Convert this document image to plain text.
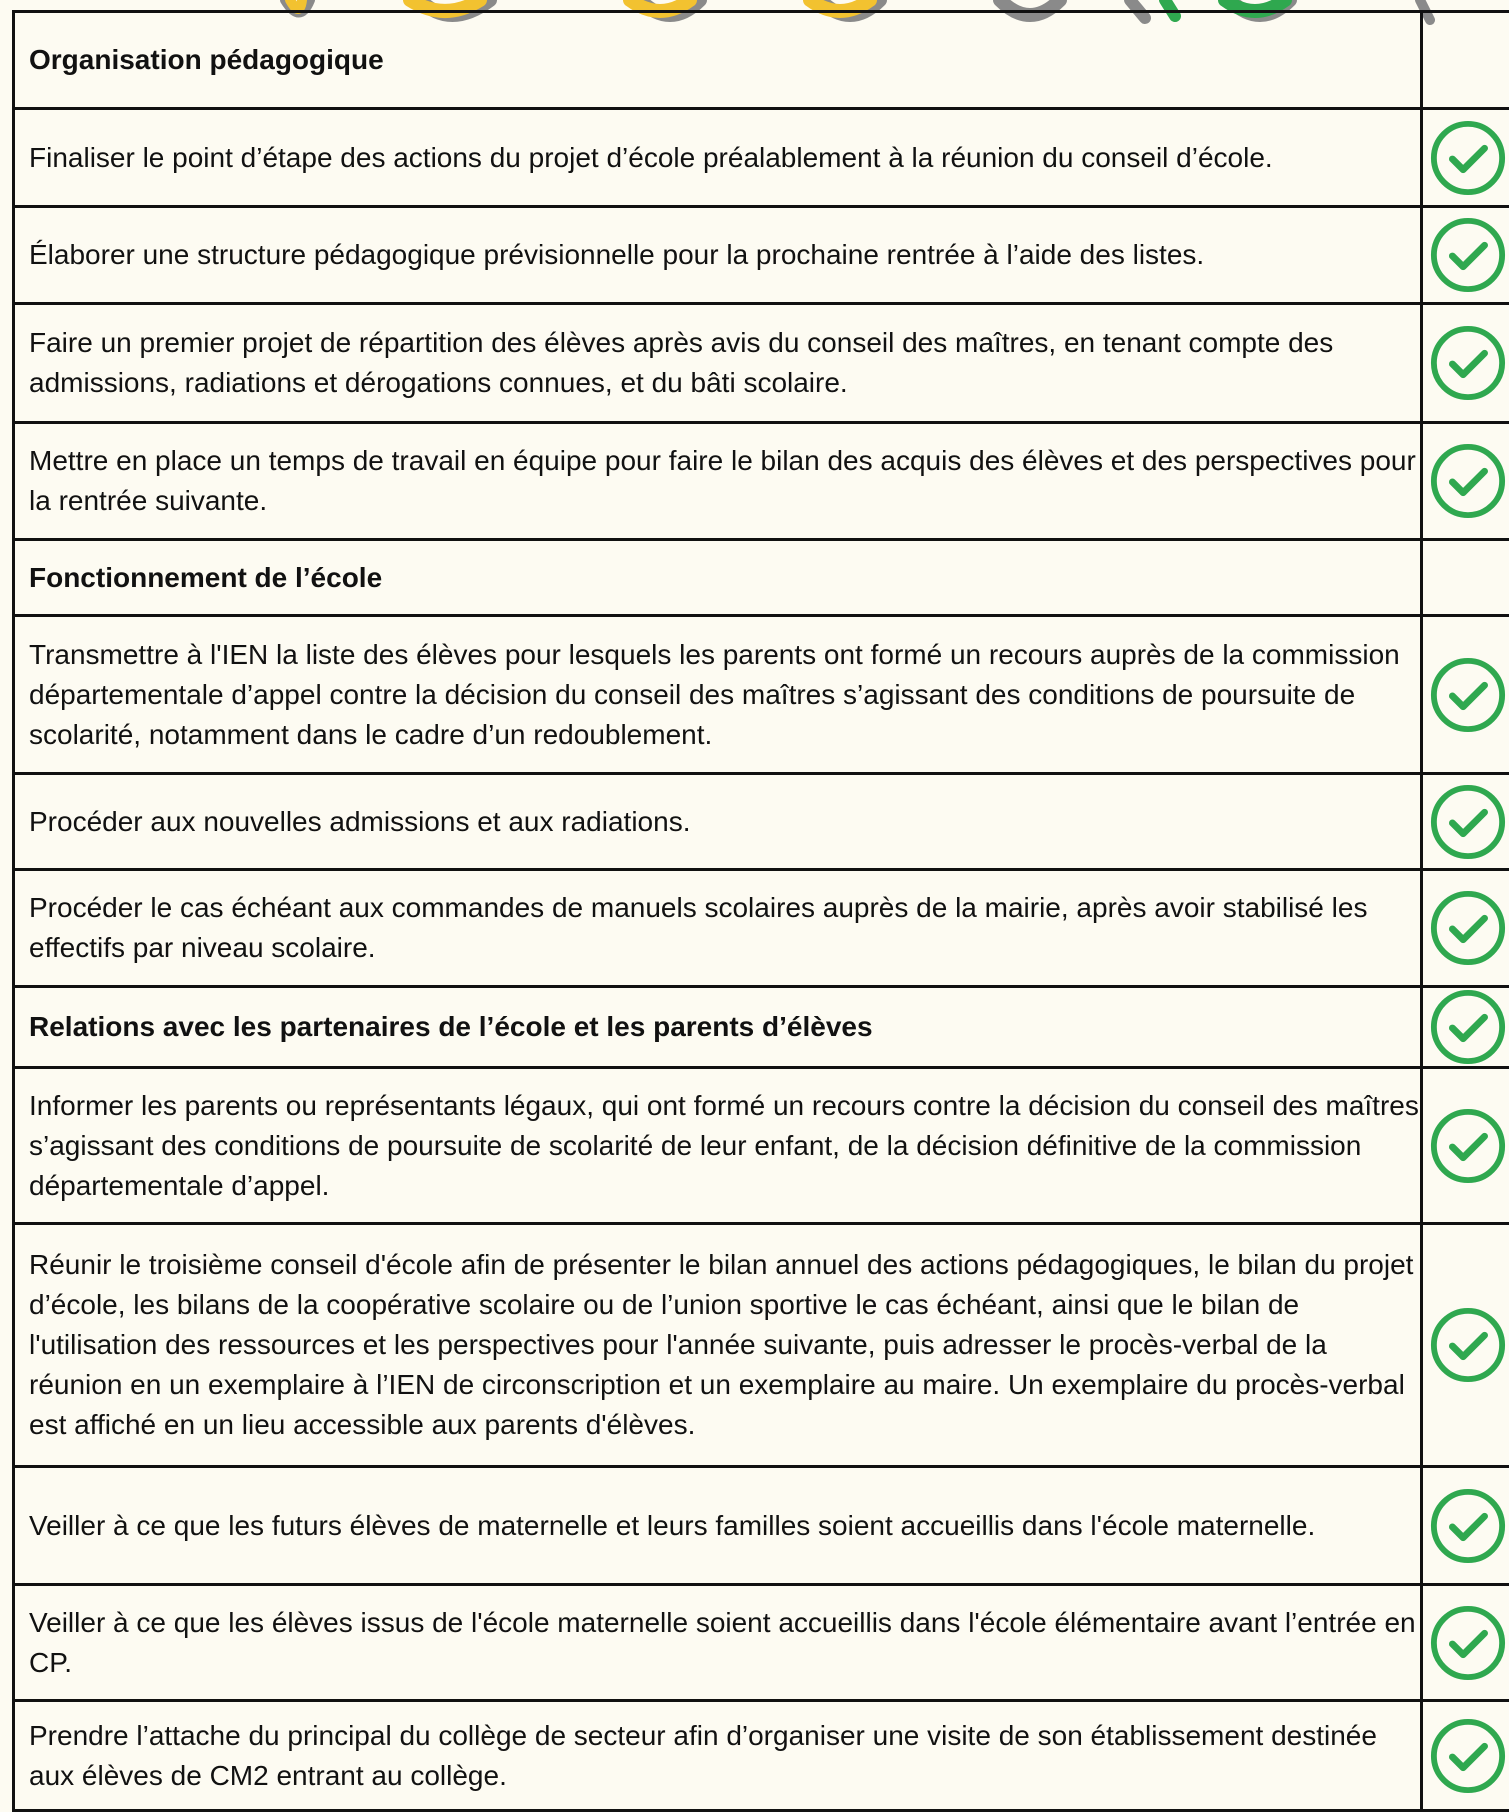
Organisation pédagogique	
Finaliser le point d’étape des actions du projet d’école préalablement à la réunion du conseil d’école.	

Élaborer une structure pédagogique prévisionnelle pour la prochaine rentrée à l’aide des listes.	

Faire un premier projet de répartition des élèves après avis du conseil des maîtres, en tenant compte des admissions, radiations et dérogations connues, et du bâti scolaire.	

Mettre en place un temps de travail en équipe pour faire le bilan des acquis des élèves et des perspectives pour la rentrée suivante.	

Fonctionnement de l’école	
Transmettre à l'IEN la liste des élèves pour lesquels les parents ont formé un recours auprès de la commission départementale d’appel contre la décision du conseil des maîtres s’agissant des conditions de poursuite de scolarité, notamment dans le cadre d’un redoublement.	

Procéder aux nouvelles admissions et aux radiations.	

Procéder le cas échéant aux commandes de manuels scolaires auprès de la mairie, après avoir stabilisé les effectifs par niveau scolaire.	

Relations avec les partenaires de l’école et les parents d’élèves	

Informer les parents ou représentants légaux, qui ont formé un recours contre la décision du conseil des maîtres s’agissant des conditions de poursuite de scolarité de leur enfant, de la décision définitive de la commission départementale d’appel.	

Réunir le troisième conseil d'école afin de présenter le bilan annuel des actions pédagogiques, le bilan du projet d’école, les bilans de la coopérative scolaire ou de l’union sportive le cas échéant, ainsi que le bilan de l'utilisation des ressources et les perspectives pour l'année suivante, puis adresser le procès-verbal de la réunion en un exemplaire à l’IEN de circonscription et un exemplaire au maire. Un exemplaire du procès-verbal est affiché en un lieu accessible aux parents d'élèves.	

Veiller à ce que les futurs élèves de maternelle et leurs familles soient accueillis dans l'école maternelle.	

Veiller à ce que les élèves issus de l'école maternelle soient accueillis dans l'école élémentaire avant l’entrée en CP.	

Prendre l’attache du principal du collège de secteur afin d’organiser une visite de son établissement destinée aux élèves de CM2 entrant au collège.	
